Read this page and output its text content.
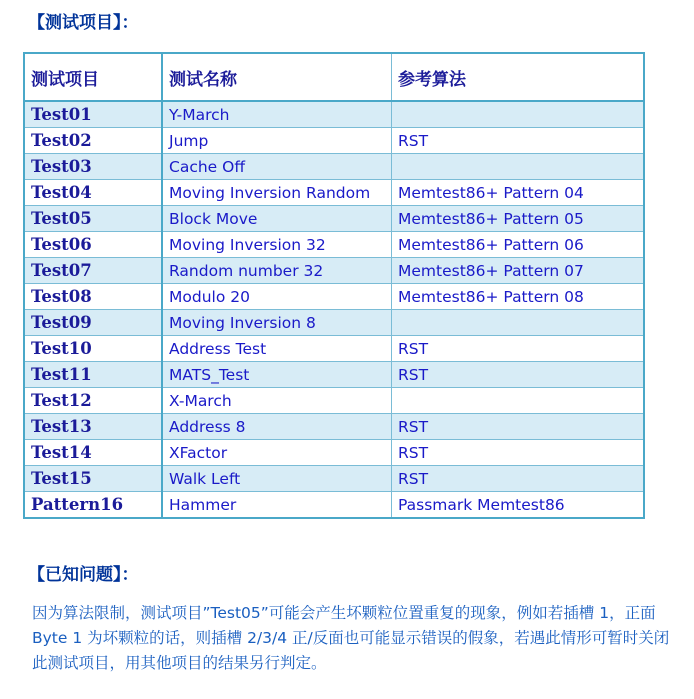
【测试项目】：
测试项目	测试名称	参考算法
Test01	Y-March	
Test02	Jump	RST
Test03	Cache Off	
Test04	Moving Inversion Random	Memtest86+ Pattern 04
Test05	Block Move	Memtest86+ Pattern 05
Test06	Moving Inversion 32	Memtest86+ Pattern 06
Test07	Random number 32	Memtest86+ Pattern 07
Test08	Modulo 20	Memtest86+ Pattern 08
Test09	Moving Inversion 8	
Test10	Address Test	RST
Test11	MATS_Test	RST
Test12	X-March	
Test13	Address 8	RST
Test14	XFactor	RST
Test15	Walk Left	RST
Pattern16	Hammer	Passmark Memtest86
【已知问题】：
因为算法限制，测试项目”Test05”可能会产生坏颗粒位置重复的现象，例如若插槽 1，正面 Byte 1 为坏颗粒的话，则插槽 2/3/4 正/反面也可能显示错误的假象，若遇此情形可暂时关闭此测试项目，用其他项目的结果另行判定。
